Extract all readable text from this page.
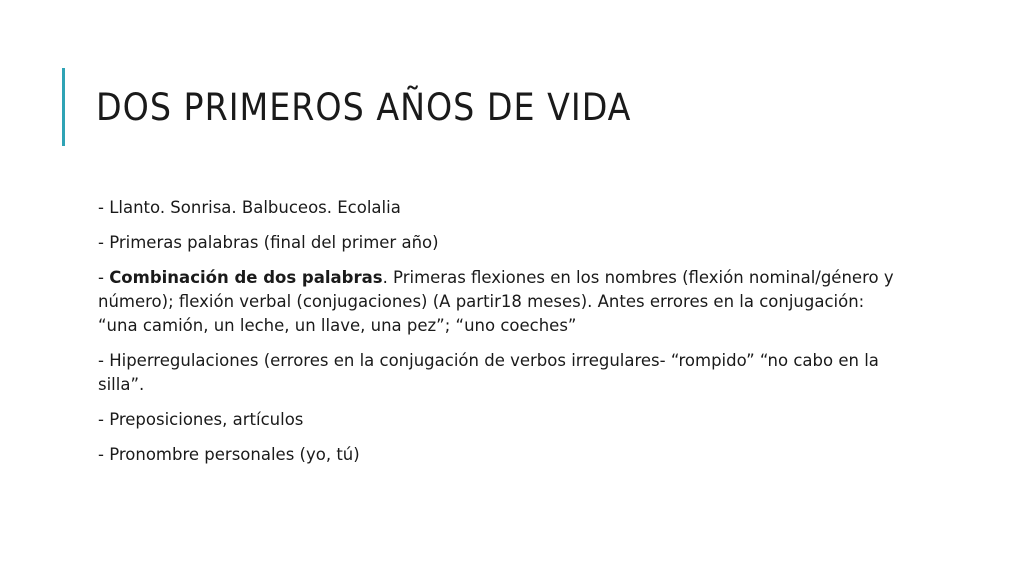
DOS PRIMEROS AÑOS DE VIDA
- Llanto. Sonrisa. Balbuceos. Ecolalia
- Primeras palabras (final del primer año)
- Combinación de dos palabras. Primeras flexiones en los nombres (flexión nominal/género y número); flexión verbal (conjugaciones) (A partir18 meses). Antes errores en la conjugación: “una camión, un leche, un llave, una pez”; “uno coeches”
- Hiperregulaciones (errores en la conjugación de verbos irregulares- “rompido” “no cabo en la silla”.
- Preposiciones, artículos
- Pronombre personales (yo, tú)
